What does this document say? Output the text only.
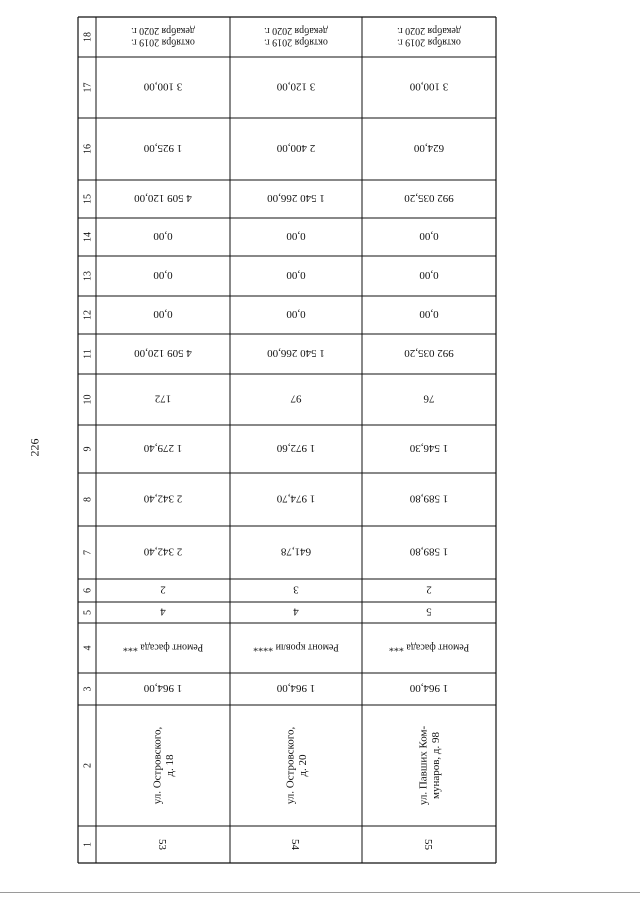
226
1
2
3
4
5
6
7
8
9
10
11
12
13
14
15
16
17
18
53
ул. Островского,д. 18
1 964,00
Ремонт фасада ***
4
2
2 342,40
2 342,40
1 279,40
172
4 509 120,00
0,00
0,00
0,00
4 509 120,00
1 925,00
3 100,00
октября 2019 г.декабря 2020 г.
54
ул. Островского,д. 20
1 964,00
Ремонт кровли ****
4
3
641,78
1 974,70
1 972,60
97
1 540 266,00
0,00
0,00
0,00
1 540 266,00
2 400,00
3 120,00
октября 2019 г.декабря 2020 г.
55
ул. Павших Ком-мунаров, д. 98
1 964,00
Ремонт фасада ***
5
2
1 589,80
1 589,80
1 546,30
76
992 035,20
0,00
0,00
0,00
992 035,20
624,00
3 100,00
октября 2019 г.декабря 2020 г.
